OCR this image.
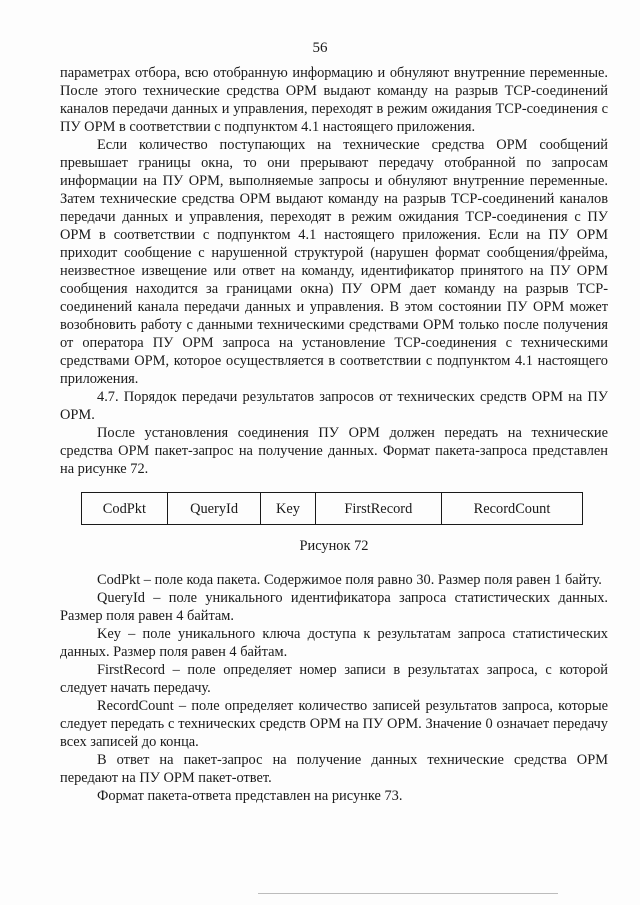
56

параметрах отбора, всю отобранную информацию и обнуляют внутренние переменные. После этого технические средства ОРМ выдают команду на разрыв TCP-соединений каналов передачи данных и управления, переходят в режим ожидания TCP-соединения с ПУ ОРМ в соответствии с подпунктом 4.1 настоящего приложения.

Если количество поступающих на технические средства ОРМ сообщений превышает границы окна, то они прерывают передачу отобранной по запросам информации на ПУ ОРМ, выполняемые запросы и обнуляют внутренние переменные. Затем технические средства ОРМ выдают команду на разрыв TCP-соединений каналов передачи данных и управления, переходят в режим ожидания TCP-соединения с ПУ ОРМ в соответствии с подпунктом 4.1 настоящего приложения. Если на ПУ ОРМ приходит сообщение с нарушенной структурой (нарушен формат сообщения/фрейма, неизвестное извещение или ответ на команду, идентификатор принятого на ПУ ОРМ сообщения находится за границами окна) ПУ ОРМ дает команду на разрыв TCP-соединений канала передачи данных и управления. В этом состоянии ПУ ОРМ может возобновить работу с данными техническими средствами ОРМ только после получения от оператора ПУ ОРМ запроса на установление TCP-соединения с техническими средствами ОРМ, которое осуществляется в соответствии с подпунктом 4.1 настоящего приложения.

4.7. Порядок передачи результатов запросов от технических средств ОРМ на ПУ ОРМ.

После установления соединения ПУ ОРМ должен передать на технические средства ОРМ пакет-запрос на получение данных. Формат пакета-запроса представлен на рисунке 72.

CodPkt	QueryId	Key	FirstRecord	RecordCount
Рисунок 72

CodPkt – поле кода пакета. Содержимое поля равно 30. Размер поля равен 1 байту.

QueryId – поле уникального идентификатора запроса статистических данных. Размер поля равен 4 байтам.

Key – поле уникального ключа доступа к результатам запроса статистических данных. Размер поля равен 4 байтам.

FirstRecord – поле определяет номер записи в результатах запроса, с которой следует начать передачу.

RecordCount – поле определяет количество записей результатов запроса, которые следует передать с технических средств ОРМ на ПУ ОРМ. Значение 0 означает передачу всех записей до конца.

В ответ на пакет-запрос на получение данных технические средства ОРМ передают на ПУ ОРМ пакет-ответ.

Формат пакета-ответа представлен на рисунке 73.
